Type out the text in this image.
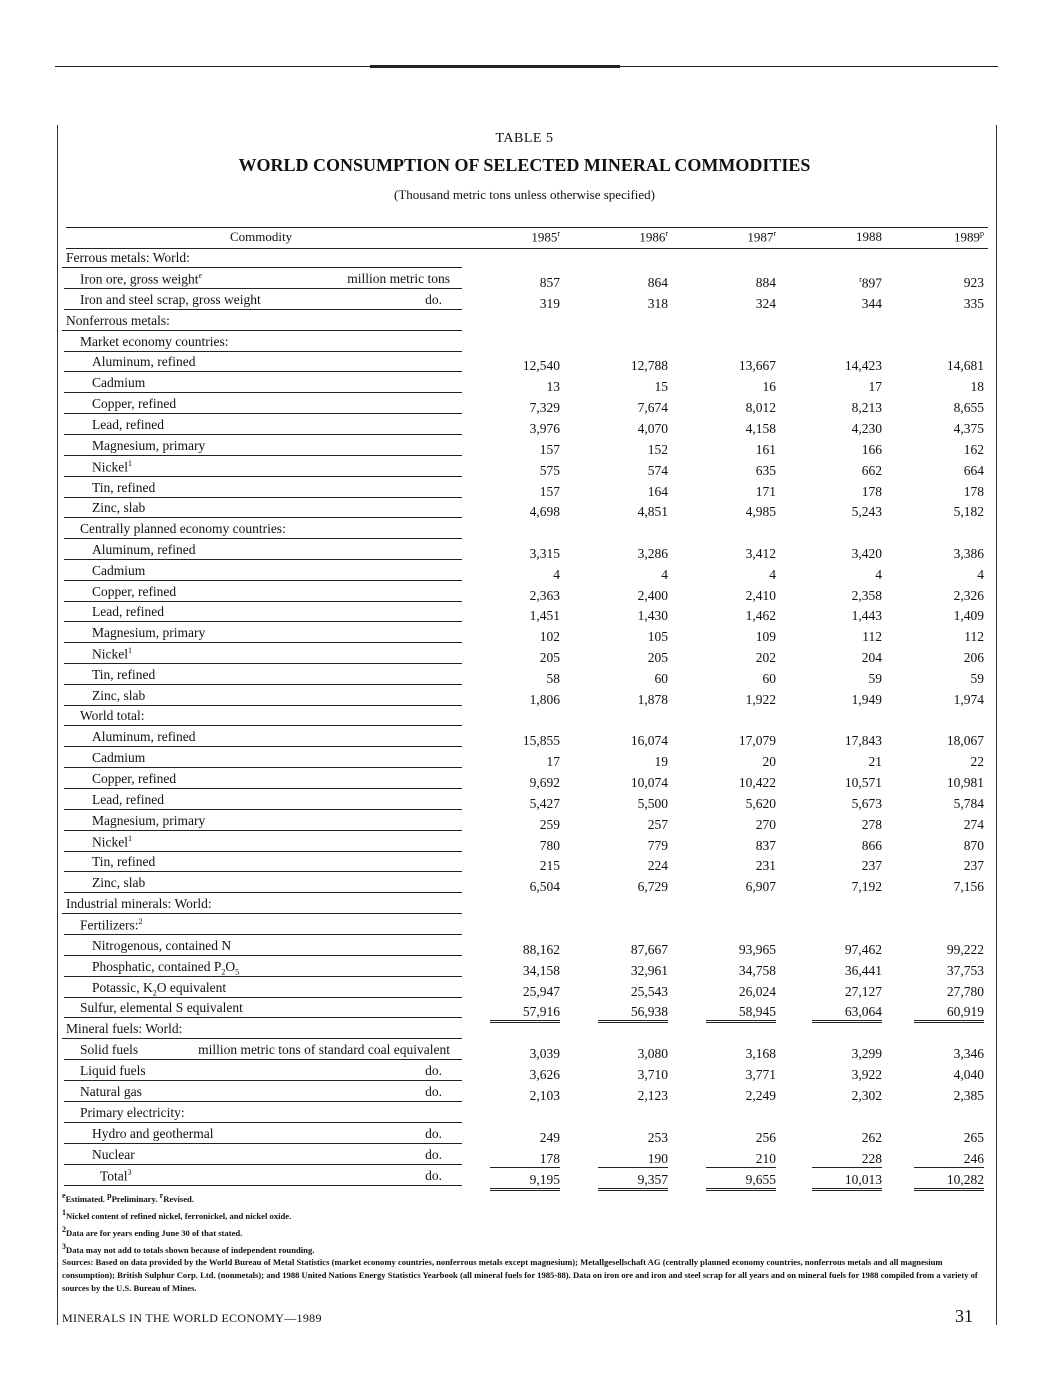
TABLE 5
WORLD CONSUMPTION OF SELECTED MINERAL COMMODITIES
(Thousand metric tons unless otherwise specified)
Commodity	1985$^r$	1986$^r$	1987$^r$	1988	1989$^p$
Ferrous metals: World:
Iron ore, gross weight$^e$	million metric tons	857	864	884	$^r$897	923
Iron and steel scrap, gross weight	do.	319	318	324	344	335
Nonferrous metals:
Market economy countries:
Aluminum, refined	12,540	12,788	13,667	14,423	14,681
Cadmium	13	15	16	17	18
Copper, refined	7,329	7,674	8,012	8,213	8,655
Lead, refined	3,976	4,070	4,158	4,230	4,375
Magnesium, primary	157	152	161	166	162
Nickel$^1$	575	574	635	662	664
Tin, refined	157	164	171	178	178
Zinc, slab	4,698	4,851	4,985	5,243	5,182
Centrally planned economy countries:
Aluminum, refined	3,315	3,286	3,412	3,420	3,386
Cadmium	4	4	4	4	4
Copper, refined	2,363	2,400	2,410	2,358	2,326
Lead, refined	1,451	1,430	1,462	1,443	1,409
Magnesium, primary	102	105	109	112	112
Nickel$^1$	205	205	202	204	206
Tin, refined	58	60	60	59	59
Zinc, slab	1,806	1,878	1,922	1,949	1,974
World total:
Aluminum, refined	15,855	16,074	17,079	17,843	18,067
Cadmium	17	19	20	21	22
Copper, refined	9,692	10,074	10,422	10,571	10,981
Lead, refined	5,427	5,500	5,620	5,673	5,784
Magnesium, primary	259	257	270	278	274
Nickel$^1$	780	779	837	866	870
Tin, refined	215	224	231	237	237
Zinc, slab	6,504	6,729	6,907	7,192	7,156
Industrial minerals: World:
Fertilizers:$^2$
Nitrogenous, contained N	88,162	87,667	93,965	97,462	99,222
Phosphatic, contained $P_2O_5$	34,158	32,961	34,758	36,441	37,753
Potassic, $K_2O$ equivalent	25,947	25,543	26,024	27,127	27,780
Sulfur, elemental S equivalent	57,916	56,938	58,945	63,064	60,919
Mineral fuels: World:
Solid fuels	million metric tons of standard coal equivalent	3,039	3,080	3,168	3,299	3,346
Liquid fuels	do.	3,626	3,710	3,771	3,922	4,040
Natural gas	do.	2,103	2,123	2,249	2,302	2,385
Primary electricity:
Hydro and geothermal	do.	249	253	256	262	265
Nuclear	do.	178	190	210	228	246
Total$^3$	do.	9,195	9,357	9,655	10,013	10,282

$^e$Estimated. $^p$Preliminary. $^r$Revised.

$^1$Nickel content of refined nickel, ferronickel, and nickel oxide.

$^2$Data are for years ending June 30 of that stated.

$^3$Data may not add to totals shown because of independent rounding.

Sources: Based on data provided by the World Bureau of Metal Statistics (market economy countries, nonferrous metals except magnesium); Metallgesellschaft AG (centrally planned economy countries, nonferrous metals and all magnesium consumption); British Sulphur Corp. Ltd. (nonmetals); and 1988 United Nations Energy Statistics Yearbook (all mineral fuels for 1985-88). Data on iron ore and iron and steel scrap for all years and on mineral fuels for 1988 compiled from a variety of sources by the U.S. Bureau of Mines.

MINERALS IN THE WORLD ECONOMY—1989	31
